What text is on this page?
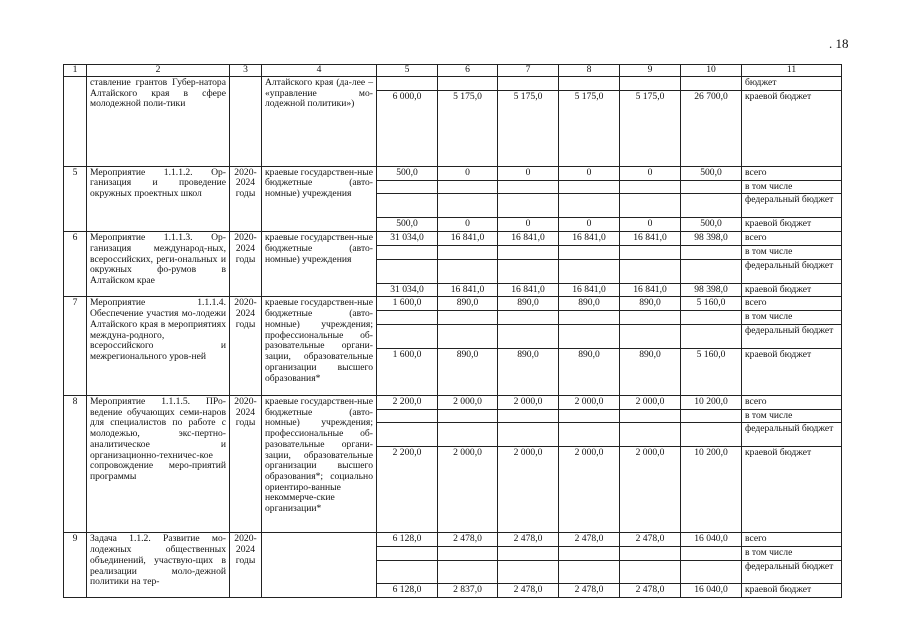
. 18
1	2	3	4	5	6	7	8	9	10	11
	ставление грантов Губер-натора Алтайского края в сфере молодежной поли-тики		Алтайского края (да-лее – «управление мо-лодежной политики»)							бюджет
				6 000,0	5 175,0	5 175,0	5 175,0	5 175,0	26 700,0	краевой бюджет
5	Мероприятие 1.1.1.2. Ор-ганизация и проведение окружных проектных школ	2020-2024 годы	краевые государствен-ные бюджетные (авто-номные) учреждения	500,0	0	0	0	0	500,0	всего
										в том числе
										федеральный бюджет
				500,0	0	0	0	0	500,0	краевой бюджет
6	Мероприятие 1.1.1.3. Ор-ганизация международ-ных, всероссийских, реги-ональных и окружных фо-румов в Алтайском крае	2020-2024 годы	краевые государствен-ные бюджетные (авто-номные) учреждения	31 034,0	16 841,0	16 841,0	16 841,0	16 841,0	98 398,0	всего
										в том числе
										федеральный бюджет
				31 034,0	16 841,0	16 841,0	16 841,0	16 841,0	98 398,0	краевой бюджет
7	Мероприятие 1.1.1.4. Обеспечение участия мо-лодежи Алтайского края в мероприятиях междуна-родного, всероссийского и межрегионального уров-ней	2020-2024 годы	краевые государствен-ные бюджетные (авто-номные) учреждения; профессиональные об-разовательные органи-зации, образовательные организации высшего образования*	1 600,0	890,0	890,0	890,0	890,0	5 160,0	всего
										в том числе
										федеральный бюджет
				1 600,0	890,0	890,0	890,0	890,0	5 160,0	краевой бюджет
8	Мероприятие 1.1.1.5. ПРо-ведение обучающих семи-наров для специалистов по работе с молодежью, экс-пертно-аналитическое и организационно-техничес-кое сопровождение меро-приятий программы	2020-2024 годы	краевые государствен-ные бюджетные (авто-номные) учреждения; профессиональные об-разовательные органи-зации, образовательные организации высшего образования*; социально ориентиро-ванные некоммерче-ские организации*	2 200,0	2 000,0	2 000,0	2 000,0	2 000,0	10 200,0	всего
										в том числе
										федеральный бюджет
				2 200,0	2 000,0	2 000,0	2 000,0	2 000,0	10 200,0	краевой бюджет
9	Задача 1.1.2. Развитие мо-лодежных общественных объединений, участвую-щих в реализации моло-дежной политики на тер-	2020-2024 годы		6 128,0	2 478,0	2 478,0	2 478,0	2 478,0	16 040,0	всего
										в том числе
										федеральный бюджет
				6 128,0	2 837,0	2 478,0	2 478,0	2 478,0	16 040,0	краевой бюджет
